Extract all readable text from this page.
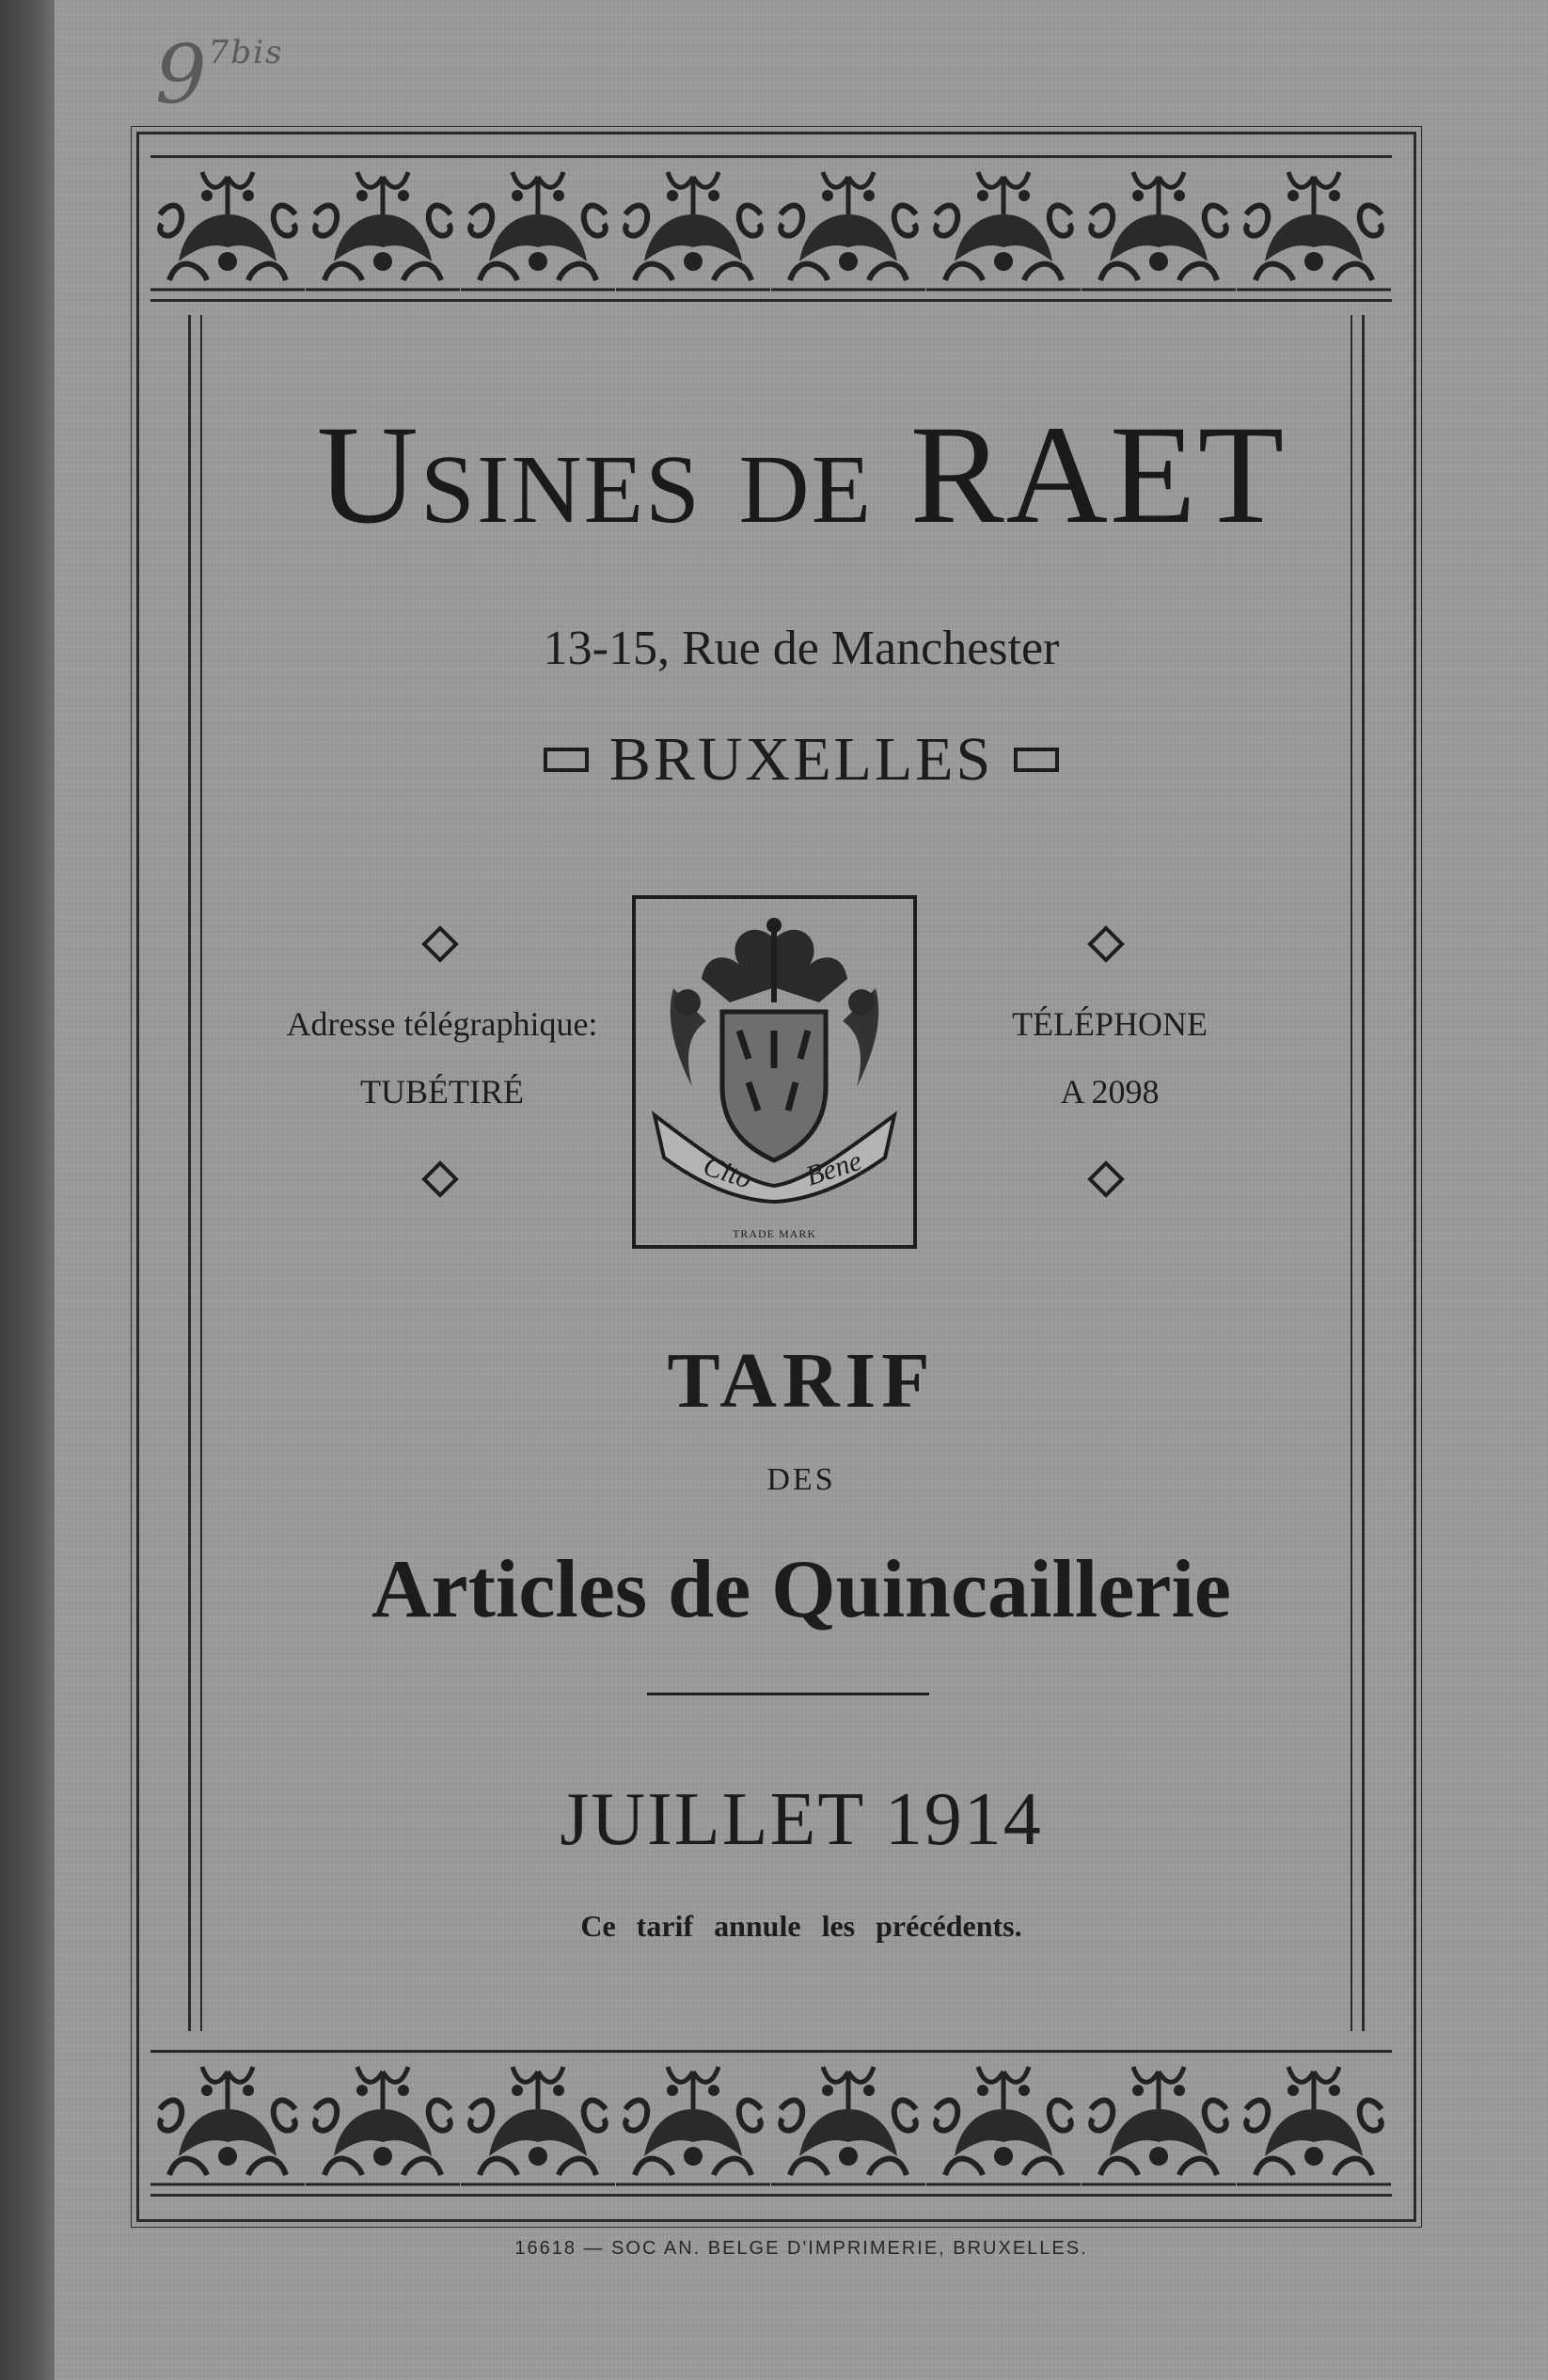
$9^{7bis}$
USINES DE RAET
13-15, Rue de Manchester
BRUXELLES
Adresse télégraphique:
TUBÉTIRÉ
TÉLÉPHONE
A 2098
Cito Bene
TRADE MARK
TARIF
DES
Articles de Quincaillerie
JUILLET 1914
Ce tarif annule les précédents.
16618 — SOC AN. BELGE D'IMPRIMERIE, BRUXELLES.
